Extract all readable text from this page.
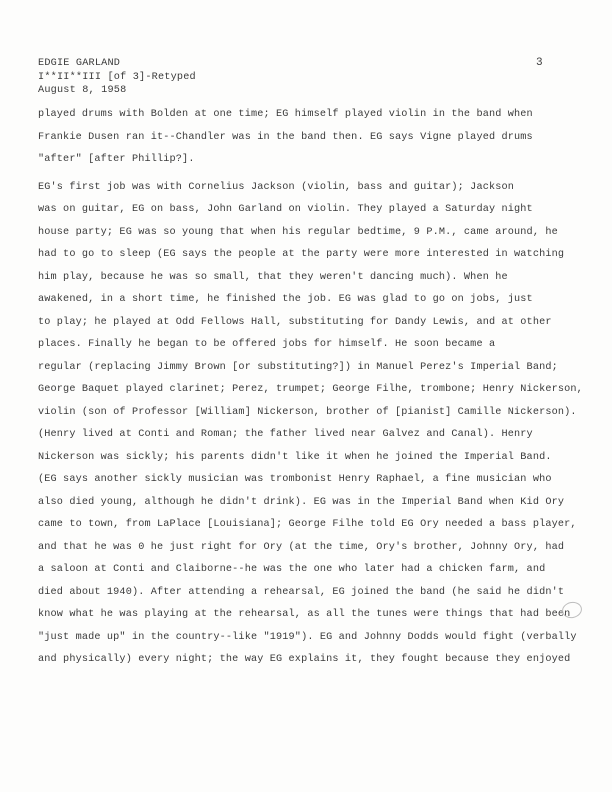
EDGIE GARLAND
I**II**III [of 3]-Retyped
August 8, 1958
3
played drums with Bolden at one time; EG himself played violin in the band when
Frankie Dusen ran it--Chandler was in the band then. EG says Vigne played drums
"after" [after Phillip?].
EG's first job was with Cornelius Jackson (violin, bass and guitar); Jackson
was on guitar, EG on bass, John Garland on violin. They played a Saturday night
house party; EG was so young that when his regular bedtime, 9 P.M., came around, he
had to go to sleep (EG says the people at the party were more interested in watching
him play, because he was so small, that they weren't dancing much). When he
awakened, in a short time, he finished the job. EG was glad to go on jobs, just
to play; he played at Odd Fellows Hall, substituting for Dandy Lewis, and at other
places. Finally he began to be offered jobs for himself. He soon became a
regular (replacing Jimmy Brown [or substituting?]) in Manuel Perez's Imperial Band;
George Baquet played clarinet; Perez, trumpet; George Filhe, trombone; Henry Nickerson,
violin (son of Professor [William] Nickerson, brother of [pianist] Camille Nickerson).
(Henry lived at Conti and Roman; the father lived near Galvez and Canal). Henry
Nickerson was sickly; his parents didn't like it when he joined the Imperial Band.
(EG says another sickly musician was trombonist Henry Raphael, a fine musician who
also died young, although he didn't drink). EG was in the Imperial Band when Kid Ory
came to town, from LaPlace [Louisiana]; George Filhe told EG Ory needed a bass player,
and that he was 0 he just right for Ory (at the time, Ory's brother, Johnny Ory, had
a saloon at Conti and Claiborne--he was the one who later had a chicken farm, and
died about 1940). After attending a rehearsal, EG joined the band (he said he didn't
know what he was playing at the rehearsal, as all the tunes were things that had been
"just made up" in the country--like "1919"). EG and Johnny Dodds would fight (verbally
and physically) every night; the way EG explains it, they fought because they enjoyed
